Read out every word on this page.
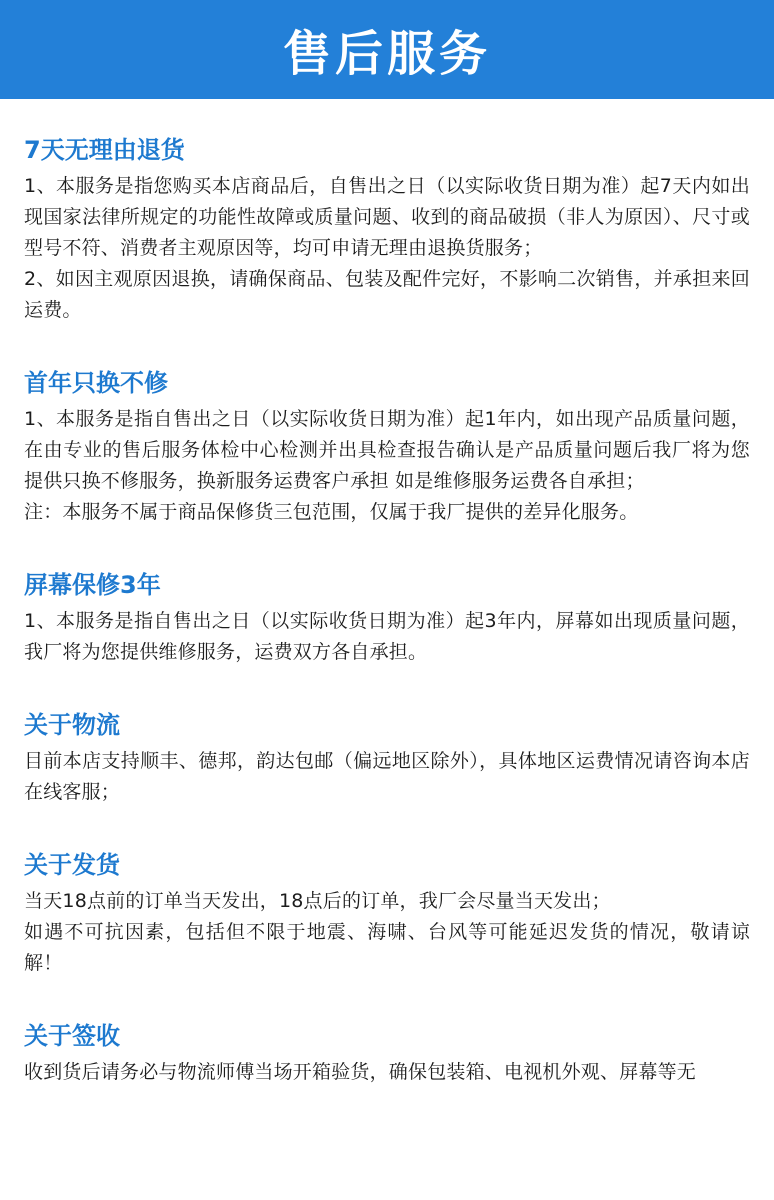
售后服务
7天无理由退货

1、本服务是指您购买本店商品后，自售出之日（以实际收货日期为准）起7天内如出现国家法律所规定的功能性故障或质量问题、收到的商品破损（非人为原因）、尺寸或型号不符、消费者主观原因等，均可申请无理由退换货服务；

2、如因主观原因退换，请确保商品、包装及配件完好，不影响二次销售，并承担来回运费。

首年只换不修

1、本服务是指自售出之日（以实际收货日期为准）起1年内，如出现产品质量问题，在由专业的售后服务体检中心检测并出具检查报告确认是产品质量问题后我厂将为您提供只换不修服务，换新服务运费客户承担 如是维修服务运费各自承担；

注：本服务不属于商品保修货三包范围，仅属于我厂提供的差异化服务。

屏幕保修3年

1、本服务是指自售出之日（以实际收货日期为准）起3年内，屏幕如出现质量问题，我厂将为您提供维修服务，运费双方各自承担。

关于物流

目前本店支持顺丰、德邦，韵达包邮（偏远地区除外），具体地区运费情况请咨询本店在线客服；

关于发货

当天18点前的订单当天发出，18点后的订单，我厂会尽量当天发出；

如遇不可抗因素，包括但不限于地震、海啸、台风等可能延迟发货的情况，敬请谅解！

关于签收

收到货后请务必与物流师傅当场开箱验货，确保包装箱、电视机外观、屏幕等无
